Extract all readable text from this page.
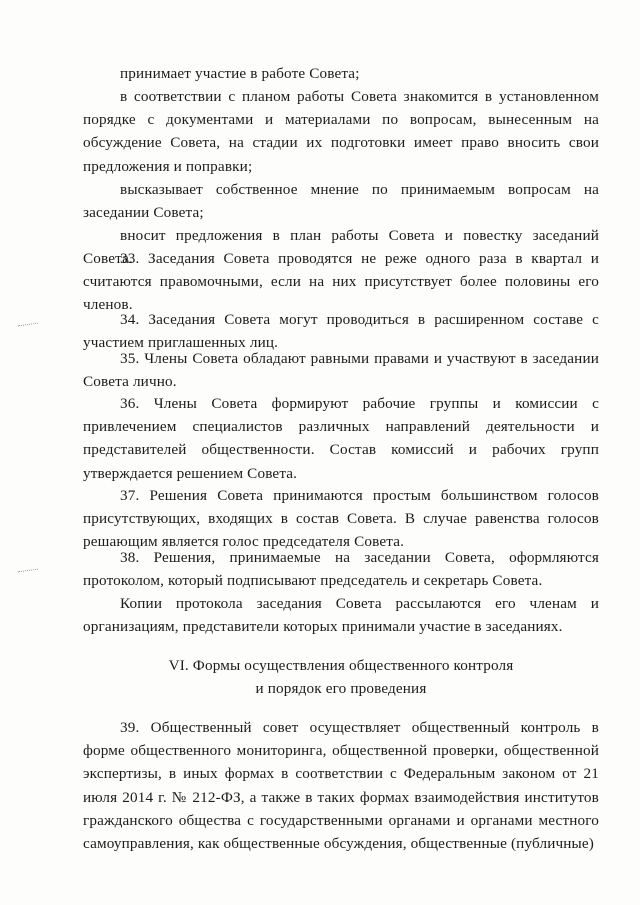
принимает участие в работе Совета;

в соответствии с планом работы Совета знакомится в установленном порядке с документами и материалами по вопросам, вынесенным на обсуждение Совета, на стадии их подготовки имеет право вносить свои предложения и поправки;

высказывает собственное мнение по принимаемым вопросам на заседании Совета;

вносит предложения в план работы Совета и повестку заседаний Совета.

33. Заседания Совета проводятся не реже одного раза в квартал и считаются правомочными, если на них присутствует более половины его членов.

34. Заседания Совета могут проводиться в расширенном составе с участием приглашенных лиц.

35. Члены Совета обладают равными правами и участвуют в заседании Совета лично.

36. Члены Совета формируют рабочие группы и комиссии с привлечением специалистов различных направлений деятельности и представителей общественности. Состав комиссий и рабочих групп утверждается решением Совета.

37. Решения Совета принимаются простым большинством голосов присутствующих, входящих в состав Совета. В случае равенства голосов решающим является голос председателя Совета.

38. Решения, принимаемые на заседании Совета, оформляются протоколом, который подписывают председатель и секретарь Совета.

Копии протокола заседания Совета рассылаются его членам и организациям, представители которых принимали участие в заседаниях.

VI. Формы осуществления общественного контроля
и порядок его проведения

39. Общественный совет осуществляет общественный контроль в форме общественного мониторинга, общественной проверки, общественной экспертизы, в иных формах в соответствии с Федеральным законом от 21 июля 2014 г. № 212-ФЗ, а также в таких формах взаимодействия институтов гражданского общества с государственными органами и органами местного самоуправления, как общественные обсуждения, общественные (публичные)
